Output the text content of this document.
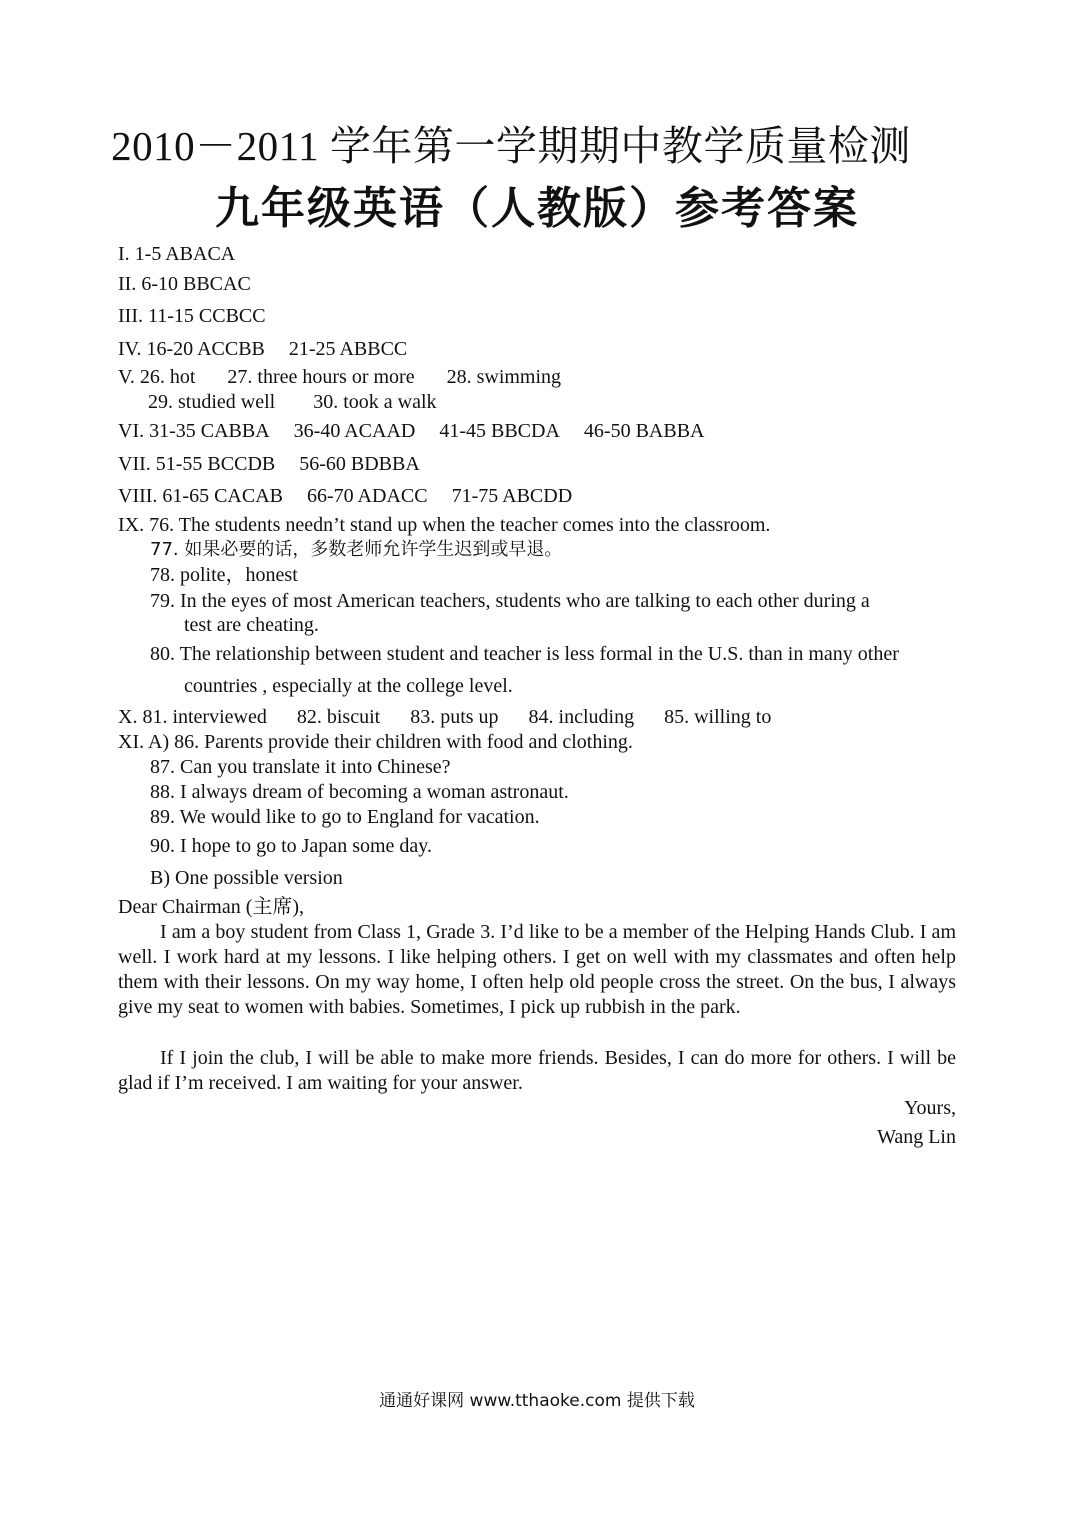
2010－2011 学年第一学期期中教学质量检测
九年级英语（人教版）参考答案
I. 1-5 ABACA
II. 6-10 BBCAC
III. 11-15 CCBCC
IV. 16-20 ACCBB 21-25 ABBCC
V. 26. hot 27. three hours or more 28. swimming
29. studied well 30. took a walk
VI. 31-35 CABBA 36-40 ACAAD 41-45 BBCDA 46-50 BABBA
VII. 51-55 BCCDB 56-60 BDBBA
VIII. 61-65 CACAB 66-70 ADACC 71-75 ABCDD
IX. 76. The students needn’t stand up when the teacher comes into the classroom.
77. 如果必要的话，多数老师允许学生迟到或早退。
78. polite，honest
79. In the eyes of most American teachers, students who are talking to each other during a
test are cheating.
80. The relationship between student and teacher is less formal in the U.S. than in many other
countries , especially at the college level.
X. 81. interviewed 82. biscuit 83. puts up 84. including 85. willing to
XI. A) 86. Parents provide their children with food and clothing.
87. Can you translate it into Chinese?
88. I always dream of becoming a woman astronaut.
89. We would like to go to England for vacation.
90. I hope to go to Japan some day.
B) One possible version
Dear Chairman (主席),
I am a boy student from Class 1, Grade 3. I’d like to be a member of the Helping Hands Club. I am well. I work hard at my lessons. I like helping others. I get on well with my classmates and often help them with their lessons. On my way home, I often help old people cross the street. On the bus, I always give my seat to women with babies. Sometimes, I pick up rubbish in the park.
If I join the club, I will be able to make more friends. Besides, I can do more for others. I will be glad if I’m received. I am waiting for your answer.
Yours,
Wang Lin
通通好课网 www.tthaoke.com 提供下载
